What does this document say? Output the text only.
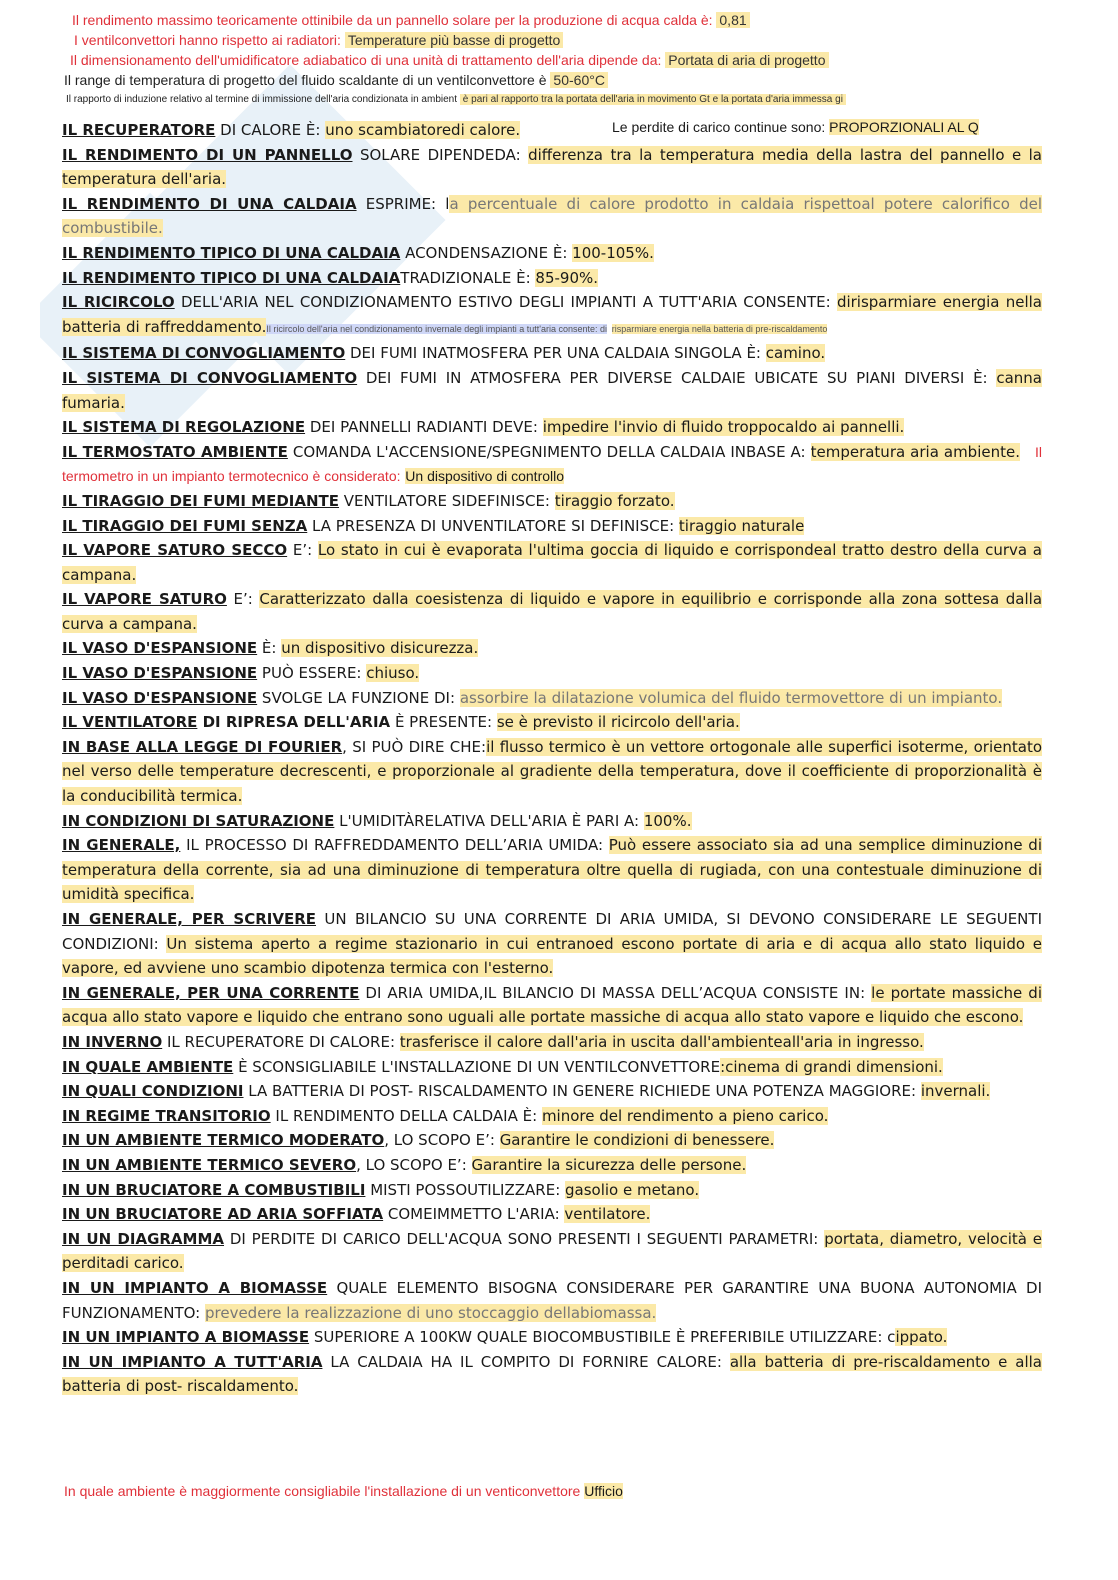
Il rendimento massimo teoricamente ottinibile da un pannello solare per la produzione di acqua calda è: 0,81
I ventilconvettori hanno rispetto ai radiatori: Temperature più basse di progetto
Il dimensionamento dell'umidificatore adiabatico di una unità di trattamento dell'aria dipende da: Portata di aria di progetto
Il range di temperatura di progetto del fluido scaldante di un ventilconvettore è 50-60°C
Il rapporto di induzione relativo al termine di immissione dell'aria condizionata in ambient è pari al rapporto tra la portata dell'aria in movimento Gt e la portata d'aria immessa gi
Le perdite di carico continue sono: PROPORZIONALI AL Q

IL RECUPERATORE DI CALORE È: uno scambiatoredi calore.

IL RENDIMENTO DI UN PANNELLO SOLARE DIPENDEDA: differenza tra la temperatura media della lastra del pannello e la temperatura dell'aria.

IL RENDIMENTO DI UNA CALDAIA ESPRIME: la percentuale di calore prodotto in caldaia rispettoal potere calorifico del combustibile.

IL RENDIMENTO TIPICO DI UNA CALDAIA ACONDENSAZIONE È: 100-105%.

IL RENDIMENTO TIPICO DI UNA CALDAIATRADIZIONALE È: 85-90%.

IL RICIRCOLO DELL'ARIA NEL CONDIZIONAMENTO ESTIVO DEGLI IMPIANTI A TUTT'ARIA CONSENTE: dirisparmiare energia nella batteria di raffreddamento.Il ricircolo dell'aria nel condizionamento invernale degli impianti a tutt'aria consente: di risparmiare energia nella batteria di pre-riscaldamento

IL SISTEMA DI CONVOGLIAMENTO DEI FUMI INATMOSFERA PER UNA CALDAIA SINGOLA È: camino.

IL SISTEMA DI CONVOGLIAMENTO DEI FUMI IN ATMOSFERA PER DIVERSE CALDAIE UBICATE SU PIANI DIVERSI È: canna fumaria.

IL SISTEMA DI REGOLAZIONE DEI PANNELLI RADIANTI DEVE: impedire l'invio di fluido troppocaldo ai pannelli.

IL TERMOSTATO AMBIENTE COMANDA L'ACCENSIONE/SPEGNIMENTO DELLA CALDAIA INBASE A: temperatura aria ambiente. Il termometro in un impianto termotecnico è considerato: Un dispositivo di controllo

IL TIRAGGIO DEI FUMI MEDIANTE VENTILATORE SIDEFINISCE: tiraggio forzato.

IL TIRAGGIO DEI FUMI SENZA LA PRESENZA DI UNVENTILATORE SI DEFINISCE: tiraggio naturale

IL VAPORE SATURO SECCO E’: Lo stato in cui è evaporata l'ultima goccia di liquido e corrispondeal tratto destro della curva a campana.

IL VAPORE SATURO E’: Caratterizzato dalla coesistenza di liquido e vapore in equilibrio e corrisponde alla zona sottesa dalla curva a campana.

IL VASO D'ESPANSIONE È: un dispositivo disicurezza.

IL VASO D'ESPANSIONE PUÒ ESSERE: chiuso.

IL VASO D'ESPANSIONE SVOLGE LA FUNZIONE DI: assorbire la dilatazione volumica del fluido termovettore di un impianto.

IL VENTILATORE DI RIPRESA DELL'ARIA È PRESENTE: se è previsto il ricircolo dell'aria.

IN BASE ALLA LEGGE DI FOURIER, SI PUÒ DIRE CHE:il flusso termico è un vettore ortogonale alle superfici isoterme, orientato nel verso delle temperature decrescenti, e proporzionale al gradiente della temperatura, dove il coefficiente di proporzionalità è la conducibilità termica.

IN CONDIZIONI DI SATURAZIONE L'UMIDITÀRELATIVA DELL'ARIA È PARI A: 100%.

IN GENERALE, IL PROCESSO DI RAFFREDDAMENTO DELL’ARIA UMIDA: Può essere associato sia ad una semplice diminuzione di temperatura della corrente, sia ad una diminuzione di temperatura oltre quella di rugiada, con una contestuale diminuzione di umidità specifica.

IN GENERALE, PER SCRIVERE UN BILANCIO SU UNA CORRENTE DI ARIA UMIDA, SI DEVONO CONSIDERARE LE SEGUENTI CONDIZIONI: Un sistema aperto a regime stazionario in cui entranoed escono portate di aria e di acqua allo stato liquido e vapore, ed avviene uno scambio dipotenza termica con l'esterno.

IN GENERALE, PER UNA CORRENTE DI ARIA UMIDA,IL BILANCIO DI MASSA DELL’ACQUA CONSISTE IN: le portate massiche di acqua allo stato vapore e liquido che entrano sono uguali alle portate massiche di acqua allo stato vapore e liquido che escono.

IN INVERNO IL RECUPERATORE DI CALORE: trasferisce il calore dall'aria in uscita dall'ambienteall'aria in ingresso.

IN QUALE AMBIENTE È SCONSIGLIABILE L'INSTALLAZIONE DI UN VENTILCONVETTORE:cinema di grandi dimensioni.

IN QUALI CONDIZIONI LA BATTERIA DI POST- RISCALDAMENTO IN GENERE RICHIEDE UNA POTENZA MAGGIORE: invernali.

IN REGIME TRANSITORIO IL RENDIMENTO DELLA CALDAIA È: minore del rendimento a pieno carico.

IN UN AMBIENTE TERMICO MODERATO, LO SCOPO E’: Garantire le condizioni di benessere.

IN UN AMBIENTE TERMICO SEVERO, LO SCOPO E’: Garantire la sicurezza delle persone.

IN UN BRUCIATORE A COMBUSTIBILI MISTI POSSOUTILIZZARE: gasolio e metano.

IN UN BRUCIATORE AD ARIA SOFFIATA COMEIMMETTO L'ARIA: ventilatore.

IN UN DIAGRAMMA DI PERDITE DI CARICO DELL'ACQUA SONO PRESENTI I SEGUENTI PARAMETRI: portata, diametro, velocità e perditadi carico.

IN UN IMPIANTO A BIOMASSE QUALE ELEMENTO BISOGNA CONSIDERARE PER GARANTIRE UNA BUONA AUTONOMIA DI FUNZIONAMENTO: prevedere la realizzazione di uno stoccaggio dellabiomassa.

IN UN IMPIANTO A BIOMASSE SUPERIORE A 100KW QUALE BIOCOMBUSTIBILE È PREFERIBILE UTILIZZARE: cippato.

IN UN IMPIANTO A TUTT'ARIA LA CALDAIA HA IL COMPITO DI FORNIRE CALORE: alla batteria di pre-riscaldamento e alla batteria di post- riscaldamento.

In quale ambiente è maggiormente consigliabile l'installazione di un venticonvettore Ufficio
